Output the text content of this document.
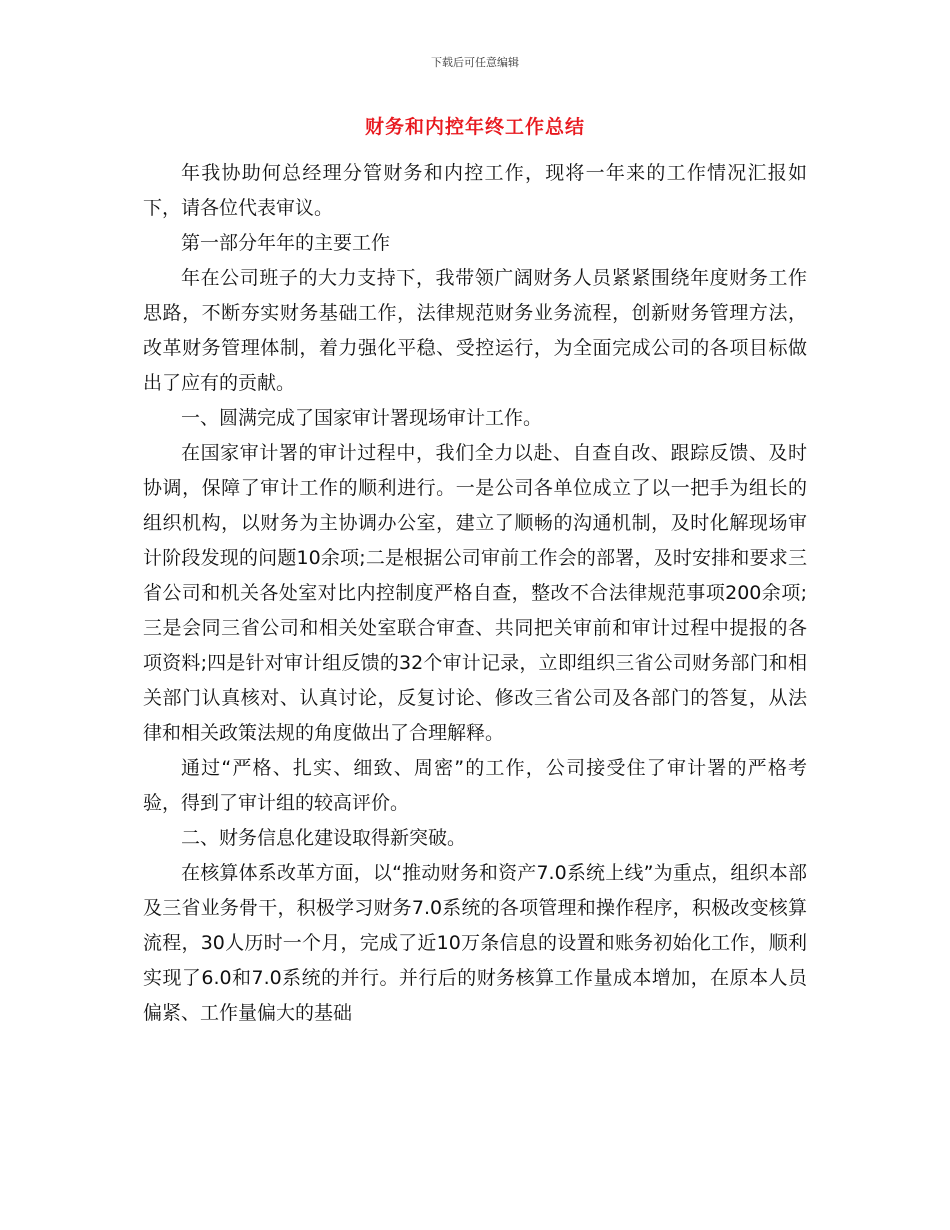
下载后可任意编辑
财务和内控年终工作总结

年我协助何总经理分管财务和内控工作，现将一年来的工作情况汇报如下，请各位代表审议。

第一部分年年的主要工作

年在公司班子的大力支持下，我带领广阔财务人员紧紧围绕年度财务工作思路，不断夯实财务基础工作，法律规范财务业务流程，创新财务管理方法，改革财务管理体制，着力强化平稳、受控运行，为全面完成公司的各项目标做出了应有的贡献。

一、圆满完成了国家审计署现场审计工作。

在国家审计署的审计过程中，我们全力以赴、自查自改、跟踪反馈、及时协调，保障了审计工作的顺利进行。一是公司各单位成立了以一把手为组长的组织机构，以财务为主协调办公室，建立了顺畅的沟通机制，及时化解现场审计阶段发现的问题10余项;二是根据公司审前工作会的部署，及时安排和要求三省公司和机关各处室对比内控制度严格自查，整改不合法律规范事项200余项;三是会同三省公司和相关处室联合审查、共同把关审前和审计过程中提报的各项资料;四是针对审计组反馈的32个审计记录，立即组织三省公司财务部门和相关部门认真核对、认真讨论，反复讨论、修改三省公司及各部门的答复，从法律和相关政策法规的角度做出了合理解释。

通过“严格、扎实、细致、周密”的工作，公司接受住了审计署的严格考验，得到了审计组的较高评价。

二、财务信息化建设取得新突破。

在核算体系改革方面，以“推动财务和资产7.0系统上线”为重点，组织本部及三省业务骨干，积极学习财务7.0系统的各项管理和操作程序，积极改变核算流程，30人历时一个月，完成了近10万条信息的设置和账务初始化工作，顺利实现了6.0和7.0系统的并行。并行后的财务核算工作量成本增加，在原本人员偏紧、工作量偏大的基础
